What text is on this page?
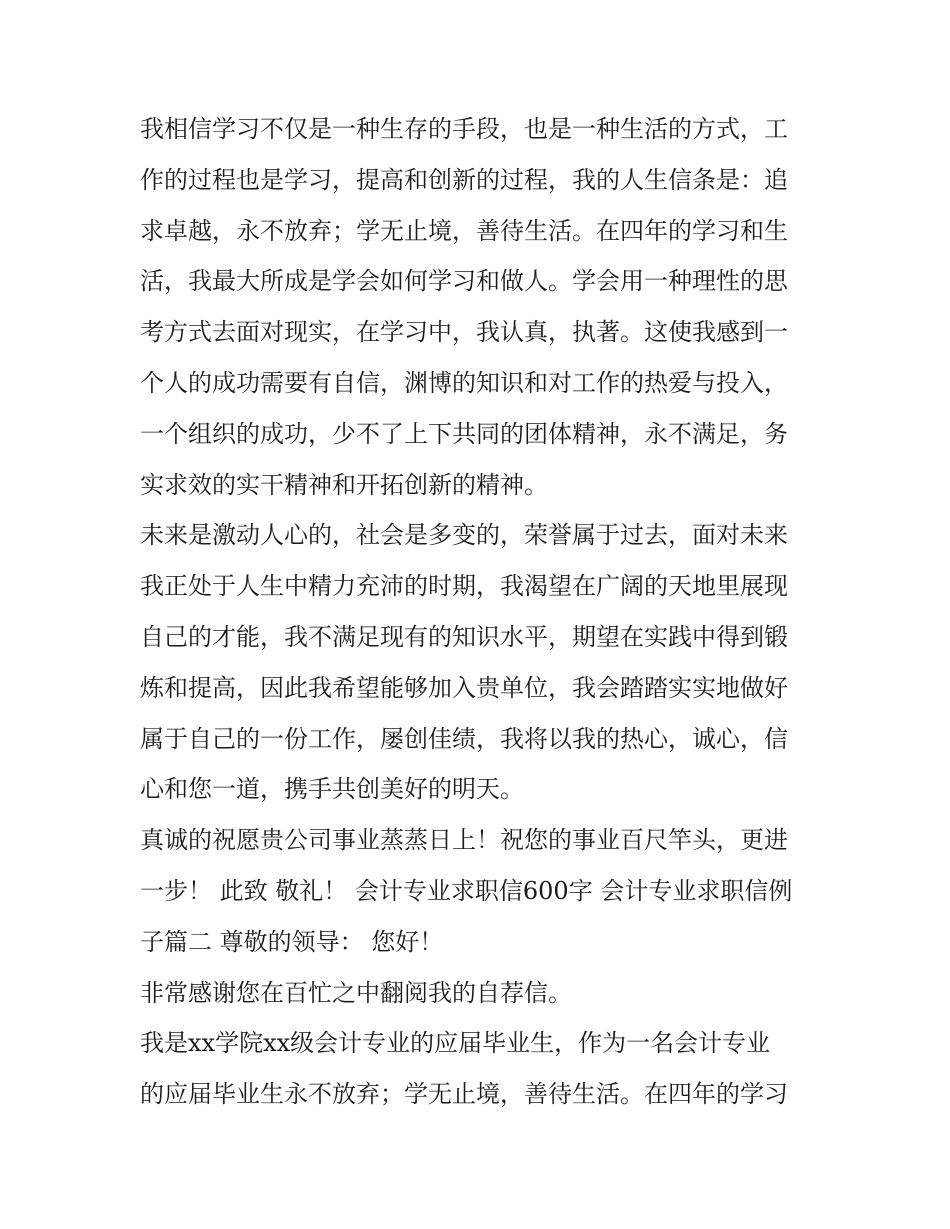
我相信学习不仅是一种生存的手段，也是一种生活的方式，工
作的过程也是学习，提高和创新的过程，我的人生信条是：追
求卓越，永不放弃；学无止境，善待生活。在四年的学习和生
活，我最大所成是学会如何学习和做人。学会用一种理性的思
考方式去面对现实，在学习中，我认真，执著。这使我感到一
个人的成功需要有自信，渊博的知识和对工作的热爱与投入，
一个组织的成功，少不了上下共同的团体精神，永不满足，务
实求效的实干精神和开拓创新的精神。
未来是激动人心的，社会是多变的，荣誉属于过去，面对未来
我正处于人生中精力充沛的时期，我渴望在广阔的天地里展现
自己的才能，我不满足现有的知识水平，期望在实践中得到锻
炼和提高，因此我希望能够加入贵单位，我会踏踏实实地做好
属于自己的一份工作，屡创佳绩，我将以我的热心，诚心，信
心和您一道，携手共创美好的明天。
真诚的祝愿贵公司事业蒸蒸日上！祝您的事业百尺竿头，更进
一步！ 此致 敬礼！ 会计专业求职信600字 会计专业求职信例
子篇二 尊敬的领导： 您好！
非常感谢您在百忙之中翻阅我的自荐信。
我是xx学院xx级会计专业的应届毕业生，作为一名会计专业
的应届毕业生永不放弃；学无止境，善待生活。在四年的学习
